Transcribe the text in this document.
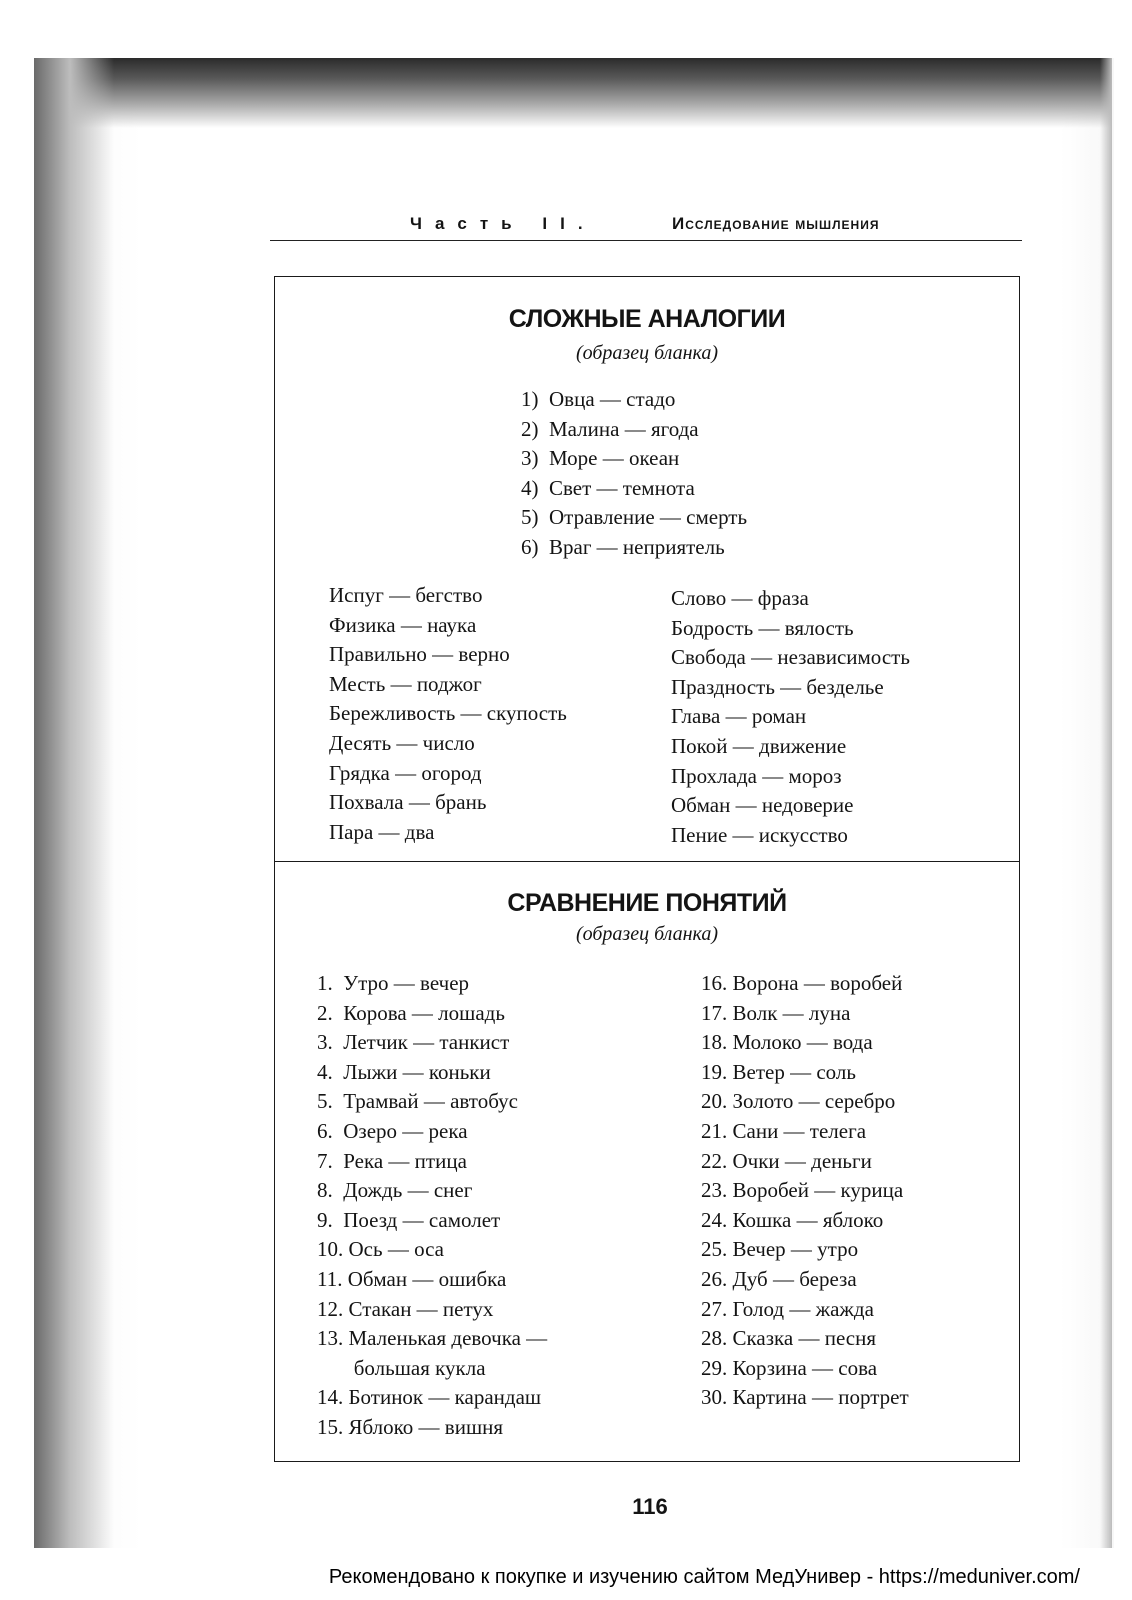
Часть II.	Исследование мышления
СЛОЖНЫЕ АНАЛОГИИ
(образец бланка)
1)  Овца — стадо
2)  Малина — ягода
3)  Море — океан
4)  Свет — темнота
5)  Отравление — смерть
6)  Враг — неприятель
Испуг — бегство
Физика — наука
Правильно — верно
Месть — поджог
Бережливость — скупость
Десять — число
Грядка — огород
Похвала — брань
Пара — два
Слово — фраза
Бодрость — вялость
Свобода — независимость
Праздность — безделье
Глава — роман
Покой — движение
Прохлада — мороз
Обман — недоверие
Пение — искусство
СРАВНЕНИЕ ПОНЯТИЙ
(образец бланка)
1.  Утро — вечер
2.  Корова — лошадь
3.  Летчик — танкист
4.  Лыжи — коньки
5.  Трамвай — автобус
6.  Озеро — река
7.  Река — птица
8.  Дождь — снег
9.  Поезд — самолет
10. Ось — оса
11. Обман — ошибка
12. Стакан — петух
13. Маленькая девочка —
большая кукла
14. Ботинок — карандаш
15. Яблоко — вишня
16. Ворона — воробей
17. Волк — луна
18. Молоко — вода
19. Ветер — соль
20. Золото — серебро
21. Сани — телега
22. Очки — деньги
23. Воробей — курица
24. Кошка — яблоко
25. Вечер — утро
26. Дуб — береза
27. Голод — жажда
28. Сказка — песня
29. Корзина — сова
30. Картина — портрет
116
Рекомендовано к покупке и изучению сайтом МедУнивер - https://meduniver.com/
